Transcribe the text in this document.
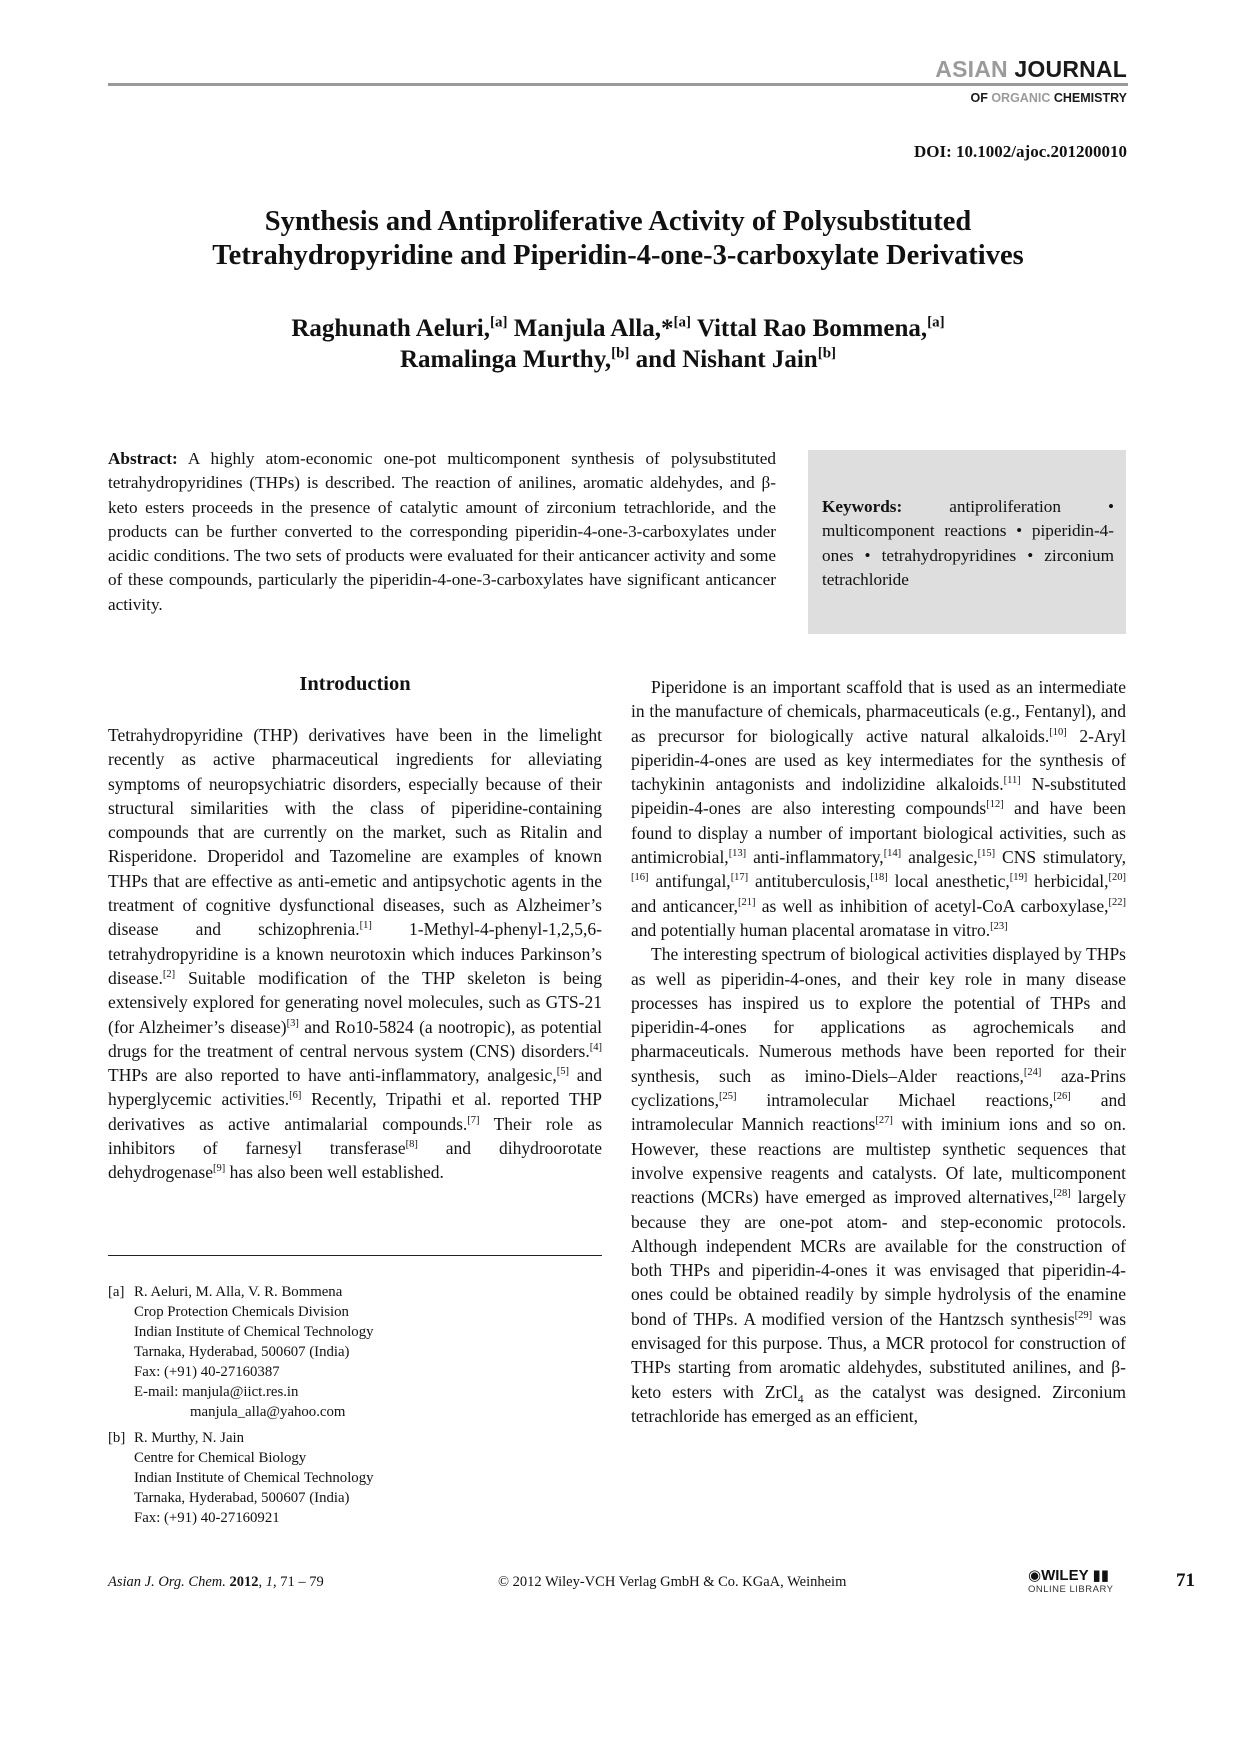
ASIAN JOURNAL
OF ORGANIC CHEMISTRY
DOI: 10.1002/ajoc.201200010
Synthesis and Antiproliferative Activity of Polysubstituted
Tetrahydropyridine and Piperidin-4-one-3-carboxylate Derivatives
Raghunath Aeluri,[a] Manjula Alla,*[a] Vittal Rao Bommena,[a]
Ramalinga Murthy,[b] and Nishant Jain[b]
Abstract: A highly atom-economic one-pot multicomponent synthesis of polysubstituted tetrahydropyridines (THPs) is described. The reaction of anilines, aromatic aldehydes, and β-keto esters proceeds in the presence of catalytic amount of zirconium tetrachloride, and the products can be further converted to the corresponding piperidin-4-one-3-carboxylates under acidic conditions. The two sets of products were evaluated for their anticancer activity and some of these compounds, particularly the piperidin-4-one-3-carboxylates have significant anticancer activity.
Keywords:	antiproliferation • multicomponent reactions • piperidin-4-ones • tetrahydropyridines • zirconium tetrachloride
Introduction

Tetrahydropyridine (THP) derivatives have been in the limelight recently as active pharmaceutical ingredients for alleviating symptoms of neuropsychiatric disorders, especially because of their structural similarities with the class of piperidine-containing compounds that are currently on the market, such as Ritalin and Risperidone. Droperidol and Tazomeline are examples of known THPs that are effective as anti-emetic and antipsychotic agents in the treatment of cognitive dysfunctional diseases, such as Alzheimer’s disease and schizophrenia.[1] 1-Methyl-4-phenyl-1,2,5,6-tetrahydropyridine is a known neurotoxin which induces Parkinson’s disease.[2] Suitable modification of the THP skeleton is being extensively explored for generating novel molecules, such as GTS-21 (for Alzheimer’s disease)[3] and Ro10-5824 (a nootropic), as potential drugs for the treatment of central nervous system (CNS) disorders.[4] THPs are also reported to have anti-inflammatory, analgesic,[5] and hyperglycemic activities.[6] Recently, Tripathi et al. reported THP derivatives as active antimalarial compounds.[7] Their role as inhibitors of farnesyl transferase[8] and dihydroorotate dehydrogenase[9] has also been well established.

Piperidone is an important scaffold that is used as an intermediate in the manufacture of chemicals, pharmaceuticals (e.g., Fentanyl), and as precursor for biologically active natural alkaloids.[10] 2-Aryl piperidin-4-ones are used as key intermediates for the synthesis of tachykinin antagonists and indolizidine alkaloids.[11] N-substituted pipeidin-4-ones are also interesting compounds[12] and have been found to display a number of important biological activities, such as antimicrobial,[13] anti-inflammatory,[14] analgesic,[15] CNS stimulatory,[16] antifungal,[17] antituberculosis,[18] local anesthetic,[19] herbicidal,[20] and anticancer,[21] as well as inhibition of acetyl-CoA carboxylase,[22] and potentially human placental aromatase in vitro.[23]

The interesting spectrum of biological activities displayed by THPs as well as piperidin-4-ones, and their key role in many disease processes has inspired us to explore the potential of THPs and piperidin-4-ones for applications as agrochemicals and pharmaceuticals. Numerous methods have been reported for their synthesis, such as imino-Diels–Alder reactions,[24] aza-Prins cyclizations,[25] intramolecular Michael reactions,[26] and intramolecular Mannich reactions[27] with iminium ions and so on. However, these reactions are multistep synthetic sequences that involve expensive reagents and catalysts. Of late, multicomponent reactions (MCRs) have emerged as improved alternatives,[28] largely because they are one-pot atom- and step-economic protocols. Although independent MCRs are available for the construction of both THPs and piperidin-4-ones it was envisaged that piperidin-4-ones could be obtained readily by simple hydrolysis of the enamine bond of THPs. A modified version of the Hantzsch synthesis[29] was envisaged for this purpose. Thus, a MCR protocol for construction of THPs starting from aromatic aldehydes, substituted anilines, and β-keto esters with ZrCl$_4$ as the catalyst was designed. Zirconium tetrachloride has emerged as an efficient,

[a] R. Aeluri, M. Alla, V. R. Bommena
Crop Protection Chemicals Division
Indian Institute of Chemical Technology
Tarnaka, Hyderabad, 500607 (India)
Fax: (+91) 40-27160387
E-mail: manjula@iict.res.in
manjula_alla@yahoo.com
[b] R. Murthy, N. Jain
Centre for Chemical Biology
Indian Institute of Chemical Technology
Tarnaka, Hyderabad, 500607 (India)
Fax: (+91) 40-27160921
Asian J. Org. Chem. 2012, 1, 71 – 79	© 2012 Wiley-VCH Verlag GmbH & Co. KGaA, Weinheim	◉WILEY ▮▮
ONLINE LIBRARY	71
